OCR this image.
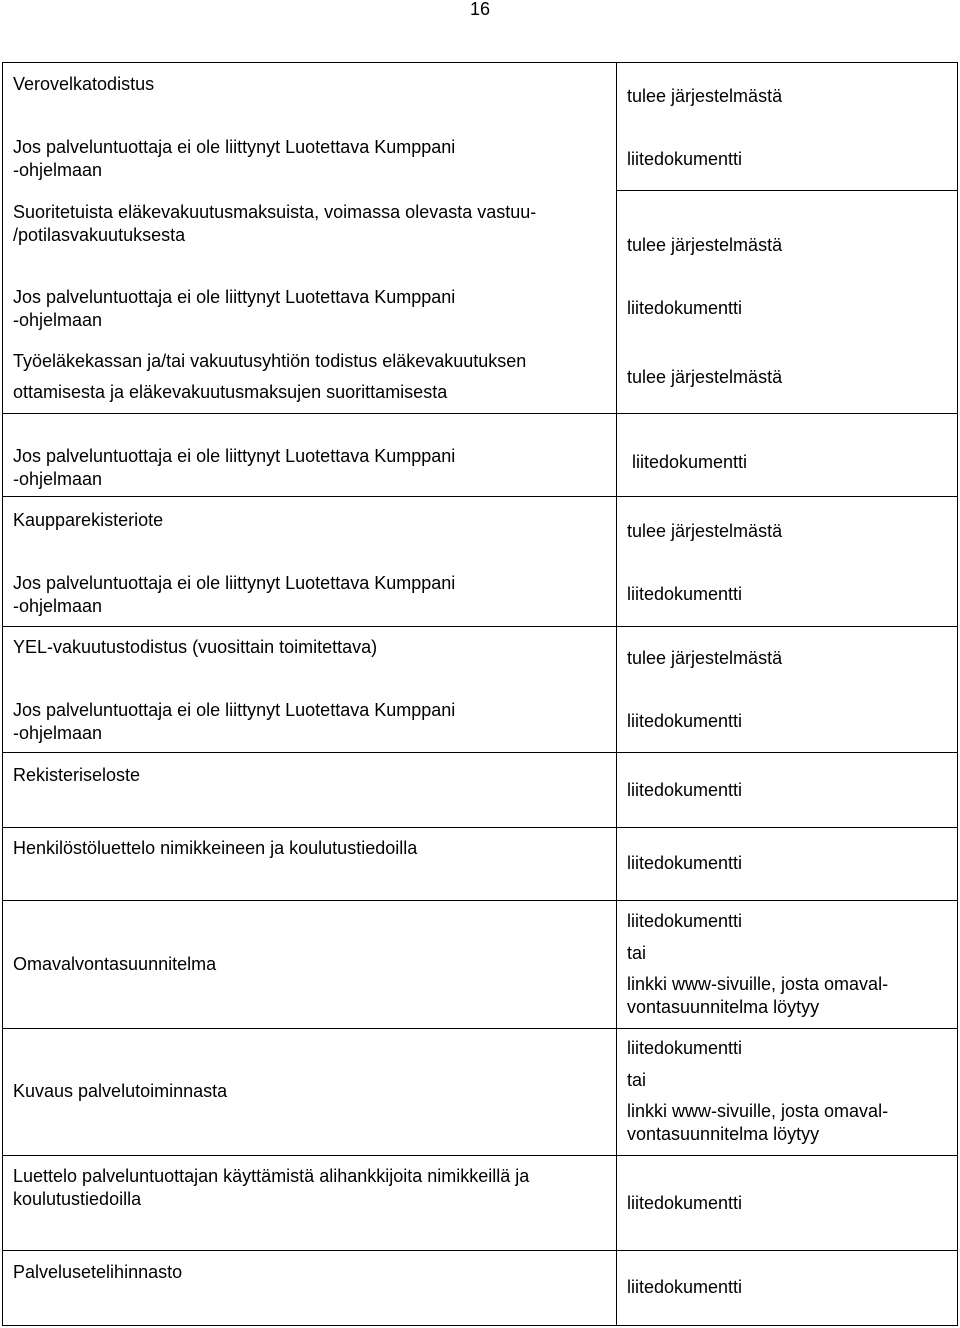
16
Verovelkatodistus
Jos palveluntuottaja ei ole liittynyt Luotettava Kumppani
-ohjelmaan
Suoritetuista eläkevakuutusmaksuista, voimassa olevasta vastuu-
/potilasvakuutuksesta
Jos palveluntuottaja ei ole liittynyt Luotettava Kumppani
-ohjelmaan
Työeläkekassan ja/tai vakuutusyhtiön todistus eläkevakuutuksen
ottamisesta ja eläkevakuutusmaksujen suorittamisesta
Jos palveluntuottaja ei ole liittynyt Luotettava Kumppani
-ohjelmaan
Kaupparekisteriote
Jos palveluntuottaja ei ole liittynyt Luotettava Kumppani
-ohjelmaan
YEL-vakuutustodistus (vuosittain toimitettava)
Jos palveluntuottaja ei ole liittynyt Luotettava Kumppani
-ohjelmaan
Rekisteriseloste
Henkilöstöluettelo nimikkeineen ja koulutustiedoilla
Omavalvontasuunnitelma
Kuvaus palvelutoiminnasta
Luettelo palveluntuottajan käyttämistä alihankkijoita nimikkeillä ja
koulutustiedoilla
Palvelusetelihinnasto
tulee järjestelmästä
liitedokumentti
tulee järjestelmästä
liitedokumentti
tulee järjestelmästä
liitedokumentti
tulee järjestelmästä
liitedokumentti
tulee järjestelmästä
liitedokumentti
liitedokumentti
liitedokumentti
liitedokumentti
tai
linkki www-sivuille, josta omaval-
vontasuunnitelma löytyy
liitedokumentti
tai
linkki www-sivuille, josta omaval-
vontasuunnitelma löytyy
liitedokumentti
liitedokumentti
